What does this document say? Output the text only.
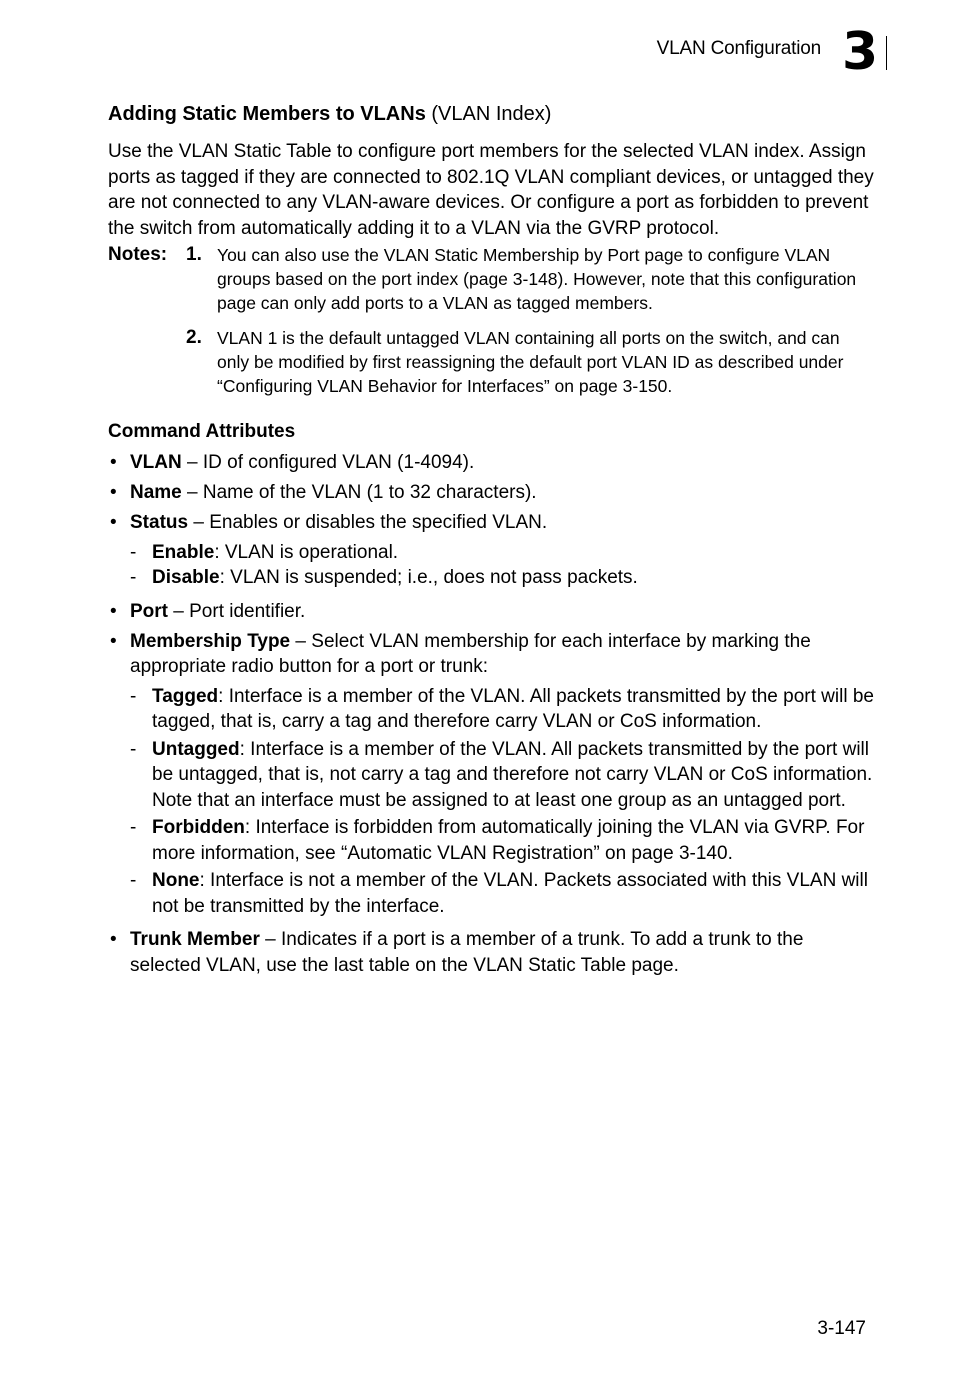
VLAN Configuration 3
Adding Static Members to VLANs (VLAN Index)

Use the VLAN Static Table to configure port members for the selected VLAN index. Assign ports as tagged if they are connected to 802.1Q VLAN compliant devices, or untagged they are not connected to any VLAN-aware devices. Or configure a port as forbidden to prevent the switch from automatically adding it to a VLAN via the GVRP protocol.

Notes: 1. You can also use the VLAN Static Membership by Port page to configure VLAN groups based on the port index (page 3-148). However, note that this configuration page can only add ports to a VLAN as tagged members.
2. VLAN 1 is the default untagged VLAN containing all ports on the switch, and can only be modified by first reassigning the default port VLAN ID as described under “Configuring VLAN Behavior for Interfaces” on page 3-150.
Command Attributes
• VLAN – ID of configured VLAN (1-4094).
• Name – Name of the VLAN (1 to 32 characters).
• Status – Enables or disables the specified VLAN.
- Enable: VLAN is operational.
- Disable: VLAN is suspended; i.e., does not pass packets.
• Port – Port identifier.
• Membership Type – Select VLAN membership for each interface by marking the appropriate radio button for a port or trunk:
- Tagged: Interface is a member of the VLAN. All packets transmitted by the port will be tagged, that is, carry a tag and therefore carry VLAN or CoS information.
- Untagged: Interface is a member of the VLAN. All packets transmitted by the port will be untagged, that is, not carry a tag and therefore not carry VLAN or CoS information. Note that an interface must be assigned to at least one group as an untagged port.
- Forbidden: Interface is forbidden from automatically joining the VLAN via GVRP. For more information, see “Automatic VLAN Registration” on page 3-140.
- None: Interface is not a member of the VLAN. Packets associated with this VLAN will not be transmitted by the interface.
• Trunk Member – Indicates if a port is a member of a trunk. To add a trunk to the selected VLAN, use the last table on the VLAN Static Table page.
3-147
